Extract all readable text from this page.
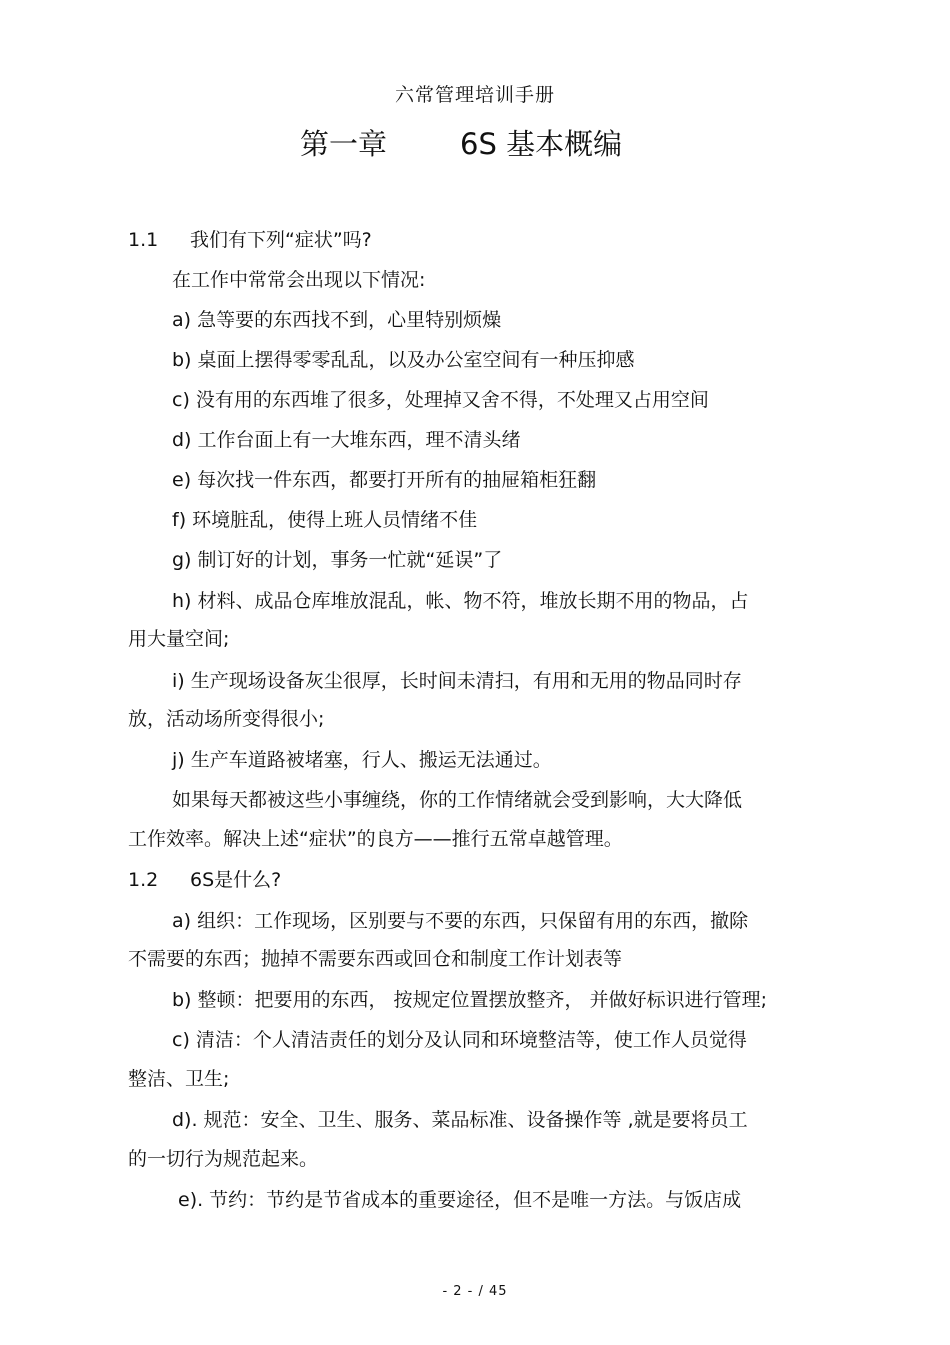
六常管理培训手册
第一章	6S 基本概编
1.1 我们有下列“症状”吗?
在工作中常常会出现以下情况:
a) 急等要的东西找不到，心里特别烦燥
b) 桌面上摆得零零乱乱，以及办公室空间有一种压抑感
c) 没有用的东西堆了很多，处理掉又舍不得，不处理又占用空间
d) 工作台面上有一大堆东西，理不清头绪
e) 每次找一件东西，都要打开所有的抽屉箱柜狂翻
f) 环境脏乱，使得上班人员情绪不佳
g) 制订好的计划，事务一忙就“延误”了
h) 材料、成品仓库堆放混乱，帐、物不符，堆放长期不用的物品，占
用大量空间;
i) 生产现场设备灰尘很厚，长时间未清扫，有用和无用的物品同时存
放，活动场所变得很小;
j) 生产车道路被堵塞，行人、搬运无法通过。
如果每天都被这些小事缠绕，你的工作情绪就会受到影响，大大降低
工作效率。解决上述“症状”的良方——推行五常卓越管理。
1.2 6S是什么?
a) 组织：工作现场，区别要与不要的东西，只保留有用的东西，撤除
不需要的东西；抛掉不需要东西或回仓和制度工作计划表等
b) 整顿：把要用的东西， 按规定位置摆放整齐， 并做好标识进行管理;
c) 清洁：个人清洁责任的划分及认同和环境整洁等，使工作人员觉得
整洁、卫生;
d). 规范：安全、卫生、服务、菜品标准、设备操作等 ,就是要将员工
的一切行为规范起来。
e). 节约：节约是节省成本的重要途径，但不是唯一方法。与饭店成
- 2 - / 45
